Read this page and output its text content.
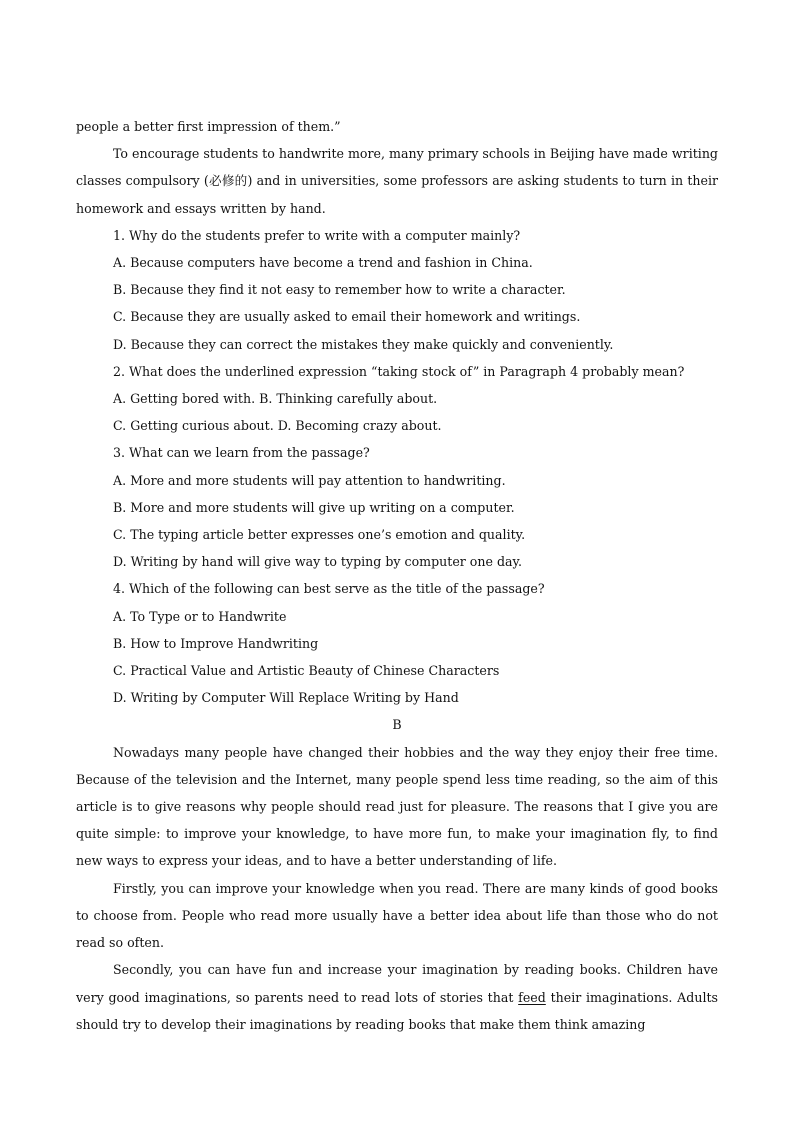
people a better first impression of them.”

To encourage students to handwrite more, many primary schools in Beijing have made writing classes compulsory (必修的) and in universities, some professors are asking students to turn in their homework and essays written by hand.

1. Why do the students prefer to write with a computer mainly?

A. Because computers have become a trend and fashion in China.

B. Because they find it not easy to remember how to write a character.

C. Because they are usually asked to email their homework and writings.

D. Because they can correct the mistakes they make quickly and conveniently.

2. What does the underlined expression “taking stock of” in Paragraph 4 probably mean?

A. Getting bored with. B. Thinking carefully about.

C. Getting curious about. D. Becoming crazy about.

3. What can we learn from the passage?

A. More and more students will pay attention to handwriting.

B. More and more students will give up writing on a computer.

C. The typing article better expresses one’s emotion and quality.

D. Writing by hand will give way to typing by computer one day.

4. Which of the following can best serve as the title of the passage?

A. To Type or to Handwrite

B. How to Improve Handwriting

C. Practical Value and Artistic Beauty of Chinese Characters

D. Writing by Computer Will Replace Writing by Hand

B

Nowadays many people have changed their hobbies and the way they enjoy their free time. Because of the television and the Internet, many people spend less time reading, so the aim of this article is to give reasons why people should read just for pleasure. The reasons that I give you are quite simple: to improve your knowledge, to have more fun, to make your imagination fly, to find new ways to express your ideas, and to have a better understanding of life.

Firstly, you can improve your knowledge when you read. There are many kinds of good books to choose from. People who read more usually have a better idea about life than those who do not read so often.

Secondly, you can have fun and increase your imagination by reading books. Children have very good imaginations, so parents need to read lots of stories that feed their imaginations. Adults should try to develop their imaginations by reading books that make them think amazing
